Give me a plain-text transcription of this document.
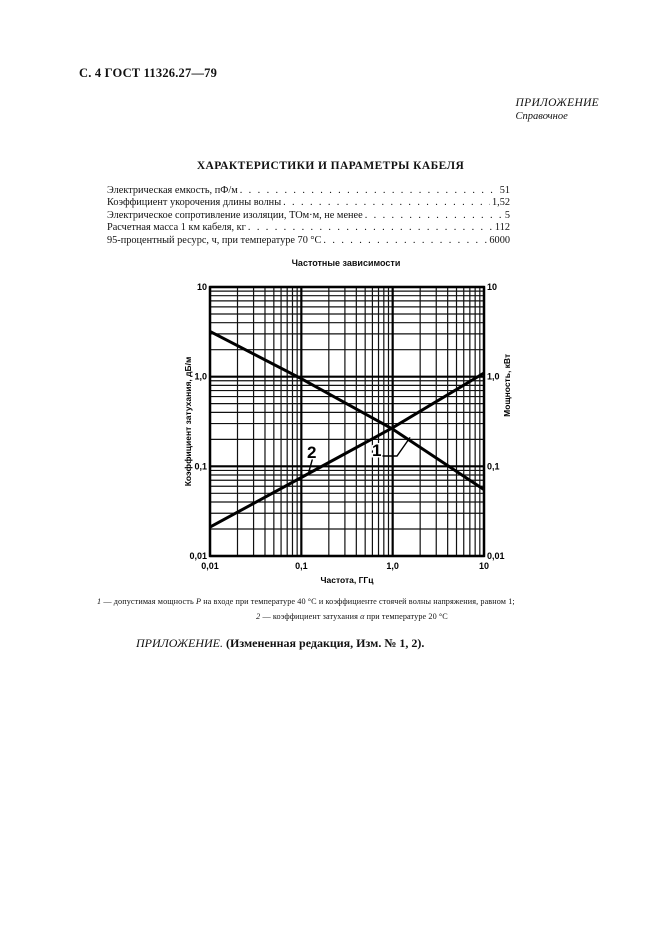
С. 4 ГОСТ 11326.27—79
ПРИЛОЖЕНИЕ
Справочное
ХАРАКТЕРИСТИКИ И ПАРАМЕТРЫ КАБЕЛЯ
Электрическая емкость, пФ/м . . .	51
Коэффициент укорочения длины волны . . .	1,52
Электрическое сопротивление изоляции, ТОм·м, не менее . . .	5
Расчетная масса 1 км кабеля, кг . . .	112
95-процентный ресурс, ч, при температуре 70 °С . . .	6000
Частотные зависимости
1
2
0,01	0,1	1,0	10
0,01
0,1
1,0
10
0,01
0,1
1,0
10
Частота, ГГц
Коэффициент затухания, дБ/м	Мощность, кВт
1 — допустимая мощность P на входе при температуре 40 °С и коэффициенте стоячей волны напряжения, равном 1;
2 — коэффициент затухания α при температуре 20 °С
ПРИЛОЖЕНИЕ. (Измененная редакция, Изм. № 1, 2).
